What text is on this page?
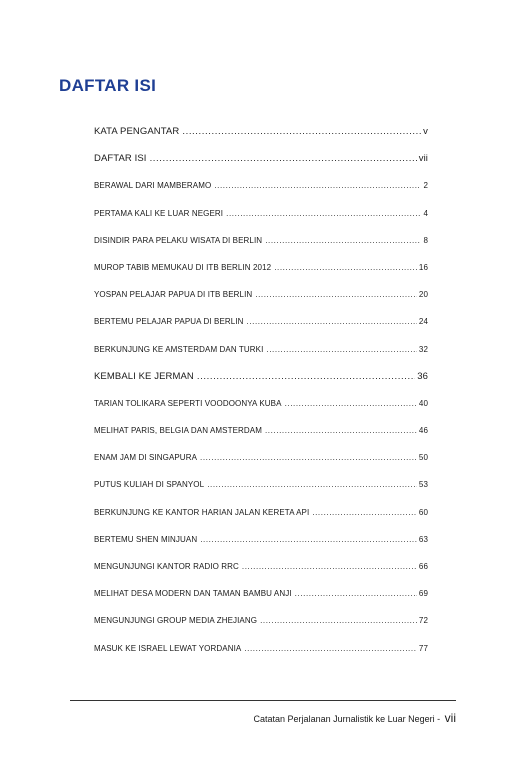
DAFTAR ISI
KATA PENGANTAR .....	v
DAFTAR ISI .....	vii
BERAWAL DARI MAMBERAMO .....	2
PERTAMA KALI KE LUAR NEGERI .....	4
DISINDIR PARA PELAKU WISATA DI BERLIN .....	8
MUROP TABIB MEMUKAU DI ITB BERLIN 2012 .....	16
YOSPAN PELAJAR PAPUA DI ITB BERLIN .....	20
BERTEMU PELAJAR PAPUA DI BERLIN .....	24
BERKUNJUNG KE AMSTERDAM DAN TURKI .....	32
KEMBALI KE JERMAN .....	36
TARIAN TOLIKARA SEPERTI VOODOONYA KUBA .....	40
MELIHAT PARIS, BELGIA DAN AMSTERDAM .....	46
ENAM JAM DI SINGAPURA .....	50
PUTUS KULIAH DI SPANYOL .....	53
BERKUNJUNG KE KANTOR HARIAN JALAN KERETA API .....	60
BERTEMU SHEN MINJUAN .....	63
MENGUNJUNGI KANTOR RADIO RRC .....	66
MELIHAT DESA MODERN DAN TAMAN BAMBU ANJI .....	69
MENGUNJUNGI GROUP MEDIA ZHEJIANG .....	72
MASUK KE ISRAEL LEWAT YORDANIA .....	77
Catatan Perjalanan Jurnalistik ke Luar Negeri - vii
